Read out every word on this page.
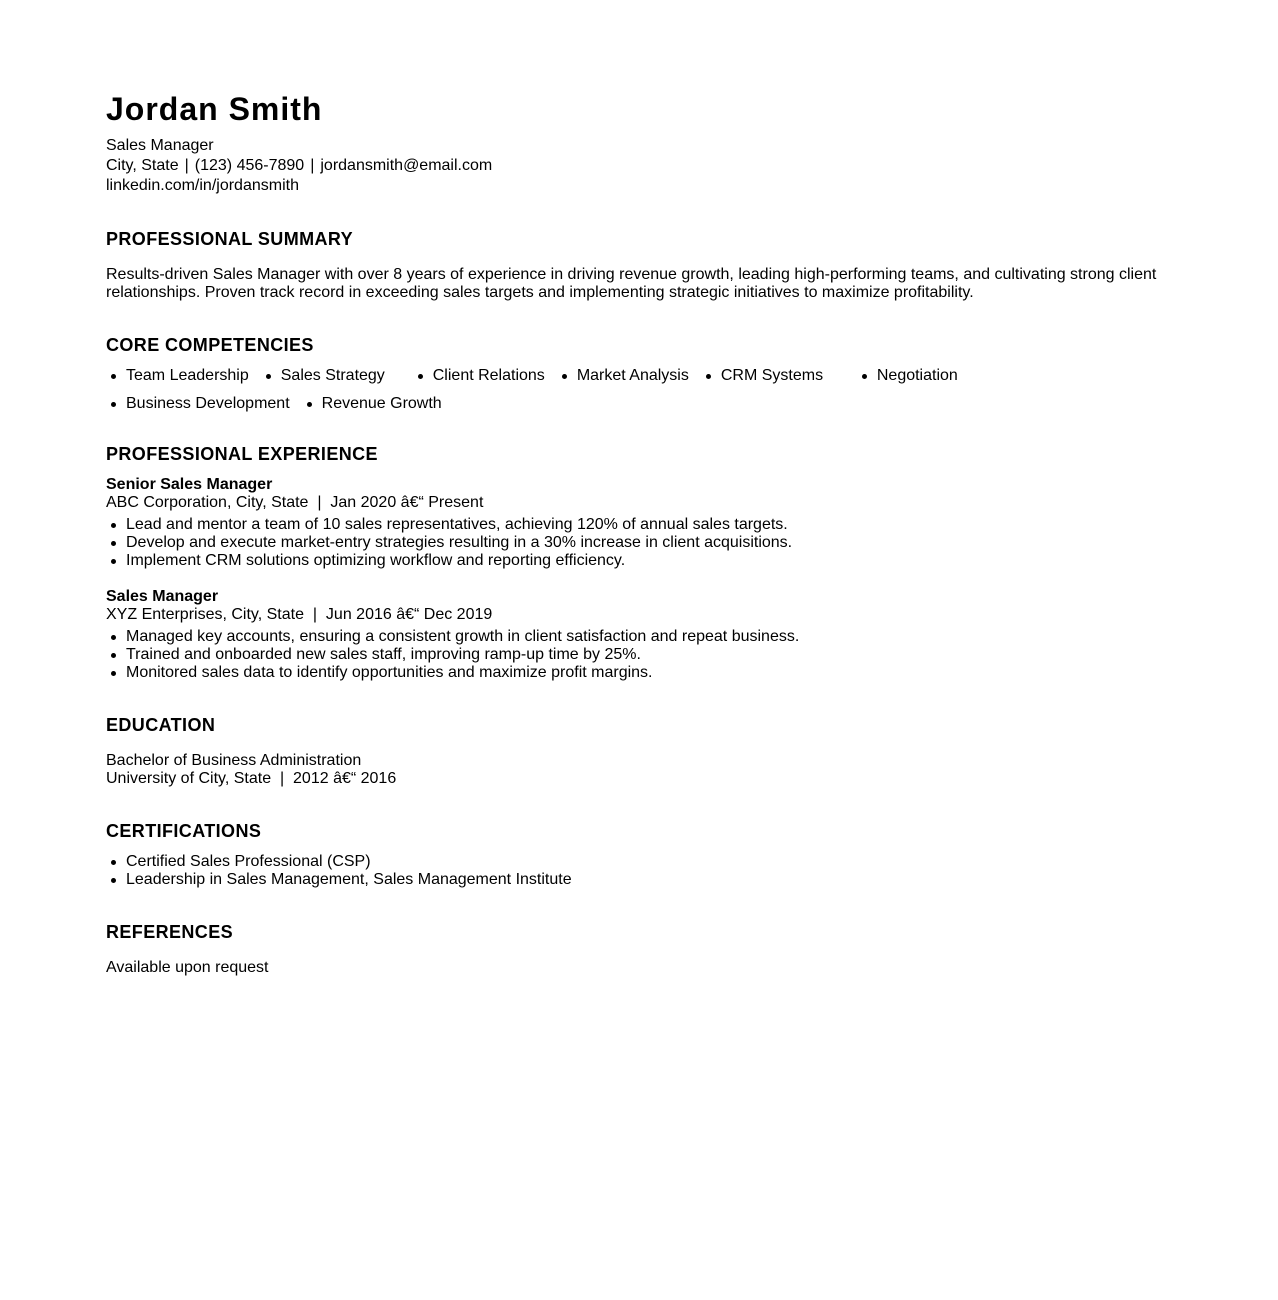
Jordan Smith
Sales Manager
City, State | (123) 456-7890 | jordansmith@email.com
linkedin.com/in/jordansmith
PROFESSIONAL SUMMARY
Results-driven Sales Manager with over 8 years of experience in driving revenue growth, leading high-performing teams, and cultivating strong client relationships. Proven track record in exceeding sales targets and implementing strategic initiatives to maximize profitability.
CORE COMPETENCIES
Team Leadership	Sales Strategy	Client Relations	Market Analysis	CRM Systems	Negotiation
Business Development	Revenue Growth
PROFESSIONAL EXPERIENCE
Senior Sales Manager
ABC Corporation, City, State  |  Jan 2020 â€“ Present
Lead and mentor a team of 10 sales representatives, achieving 120% of annual sales targets.
Develop and execute market-entry strategies resulting in a 30% increase in client acquisitions.
Implement CRM solutions optimizing workflow and reporting efficiency.
Sales Manager
XYZ Enterprises, City, State  |  Jun 2016 â€“ Dec 2019
Managed key accounts, ensuring a consistent growth in client satisfaction and repeat business.
Trained and onboarded new sales staff, improving ramp-up time by 25%.
Monitored sales data to identify opportunities and maximize profit margins.
EDUCATION
Bachelor of Business Administration
University of City, State  |  2012 â€“ 2016
CERTIFICATIONS
Certified Sales Professional (CSP)
Leadership in Sales Management, Sales Management Institute
REFERENCES
Available upon request
